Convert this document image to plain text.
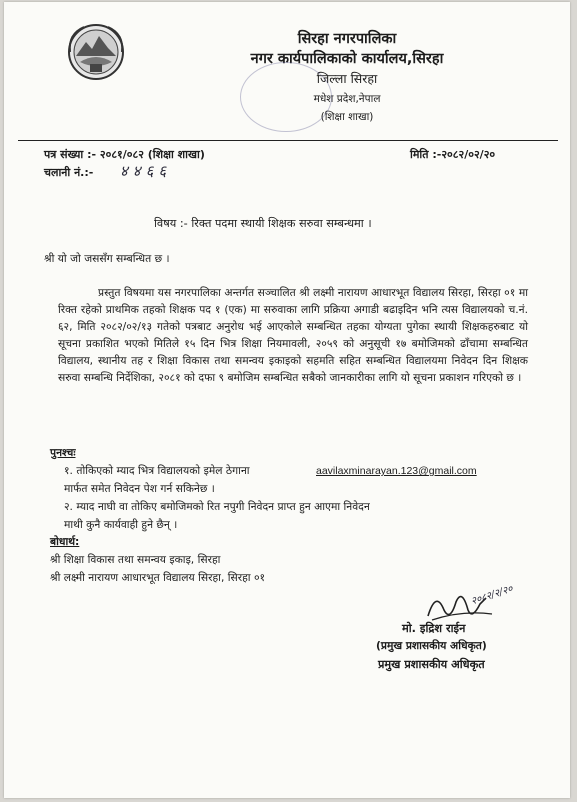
सिरहा नगरपालिका
नगर कार्यपालिकाको कार्यालय,सिरहा
जिल्ला सिरहा
मधेश प्रदेश,नेपाल
(शिक्षा शाखा)
पत्र संख्या :- २०८१/०८२ (शिक्षा शाखा)	मिति :-२०८२/०२/२०
चलानी नं.:- ४४६६
विषय :- रिक्त पदमा स्थायी शिक्षक सरुवा सम्बन्धमा ।
श्री यो जो जससँग सम्बन्धित छ ।
प्रस्तुत विषयमा यस नगरपालिका अन्तर्गत सञ्चालित श्री लक्ष्मी नारायण आधारभूत विद्यालय सिरहा, सिरहा ०१ मा रिक्त रहेको प्राथमिक तहको शिक्षक पद १ (एक) मा सरुवाका लागि प्रक्रिया अगाडी बढाइदिन भनि त्यस विद्यालयको च.नं. ६२, मिति २०८२/०२/१३ गतेको पत्रबाट अनुरोध भई आएकोले सम्बन्धित तहका योग्यता पुगेका स्थायी शिक्षकहरुबाट यो सूचना प्रकाशित भएको मितिले १५ दिन भित्र शिक्षा नियमावली, २०५९ को अनुसूची १७ बमोजिमको ढाँचामा सम्बन्धित विद्यालय, स्थानीय तह र शिक्षा विकास तथा समन्वय इकाइको सहमति सहित सम्बन्धित विद्यालयमा निवेदन दिन शिक्षक सरुवा सम्बन्धि निर्देशिका, २०८१ को दफा ९ बमोजिम सम्बन्धित सबैको जानकारीका लागि यो सूचना प्रकाशन गरिएको छ ।
पुनश्चः
१. तोकिएको म्याद भित्र विद्यालयको इमेल ठेगाना	aavilaxminarayan.123@gmail.com
मार्फत समेत निवेदन पेश गर्न सकिनेछ ।
२. म्याद नाघी वा तोकिए बमोजिमको रित नपुगी निवेदन प्राप्त हुन आएमा निवेदन
माथी कुनै कार्यवाही हुने छैन् ।
बोधार्थ:
श्री शिक्षा विकास तथा समन्वय इकाइ, सिरहा
श्री लक्ष्मी नारायण आधारभूत विद्यालय सिरहा, सिरहा ०१
२०८२/२/२०
मो. इद्रिश राईन
(प्रमुख प्रशासकीय अधिकृत)
प्रमुख प्रशासकीय अधिकृत
